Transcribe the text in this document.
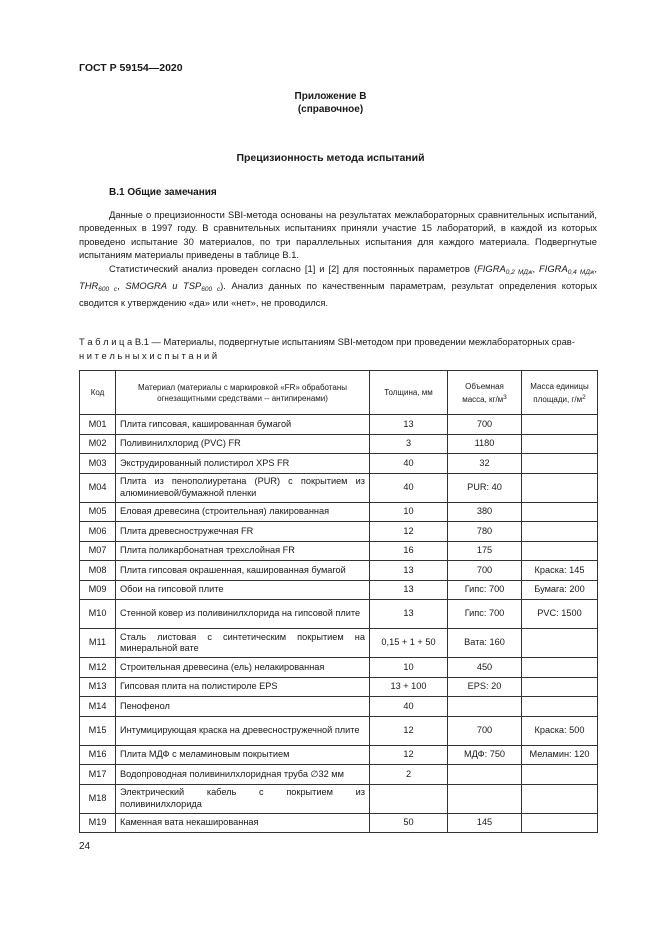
ГОСТ Р 59154—2020
Приложение В
(справочное)
Прецизионность метода испытаний
В.1 Общие замечания

Данные о прецизионности SBI-метода основаны на результатах межлабораторных сравнительных испытаний, проведенных в 1997 году. В сравнительных испытаниях приняли участие 15 лабораторий, в каждой из которых проведено испытание 30 материалов, по три параллельных испытания для каждого материала. Подвергнутые испытаниям материалы приведены в таблице В.1.

Статистический анализ проведен согласно [1] и [2] для постоянных параметров ($FIGRA_{0,2 МДж}$, $FIGRA_{0,4 МДж}$, $THR_{600 с}$, SMOGRA и $TSP_{600 с}$). Анализ данных по качественным параметрам, результат определения которых сводится к утверждению «да» или «нет», не проводился.

Т а б л и ц а В.1 — Материалы, подвергнутые испытаниям SBI-методом при проведении межлабораторных срав-
н и т е л ь н ы х и с п ы т а н и й
Код	Материал (материалы с маркировкой «FR» обработаны огнезащитными средствами -- антипиренами)	Толщина, мм	Объемная масса, $кг/м^3$	Масса единицы площади, $г/м^2$
М01	Плита гипсовая, кашированная бумагой	13	700	
М02	Поливинилхлорид (PVC) FR	3	1180	
М03	Экструдированный полистирол XPS FR	40	32	
М04	Плита из пенополиуретана (PUR) с покрытием из алюминиевой/бумажной пленки	40	PUR: 40	
М05	Еловая древесина (строительная) лакированная	10	380	
М06	Плита древесностружечная FR	12	780	
М07	Плита поликарбонатная трехслойная FR	16	175	
М08	Плита гипсовая окрашенная, кашированная бумагой	13	700	Краска: 145
М09	Обои на гипсовой плите	13	Гипс: 700	Бумага: 200
М10	Стенной ковер из поливинилхлорида на гипсовой плите	13	Гипс: 700	PVC: 1500
М11	Сталь листовая с синтетическим покрытием на минеральной вате	0,15 + 1 + 50	Вата: 160	
М12	Строительная древесина (ель) нелакированная	10	450	
М13	Гипсовая плита на полистироле EPS	13 + 100	EPS: 20	
М14	Пенофенол	40		
М15	Интумицирующая краска на древесностружечной плите	12	700	Краска: 500
М16	Плита МДФ с меламиновым покрытием	12	МДФ: 750	Меламин: 120
М17	Водопроводная поливинилхлоридная труба ∅32 мм	2		
М18	Электрический кабель с покрытием из поливинилхлорида			
М19	Каменная вата некашированная	50	145	
24
